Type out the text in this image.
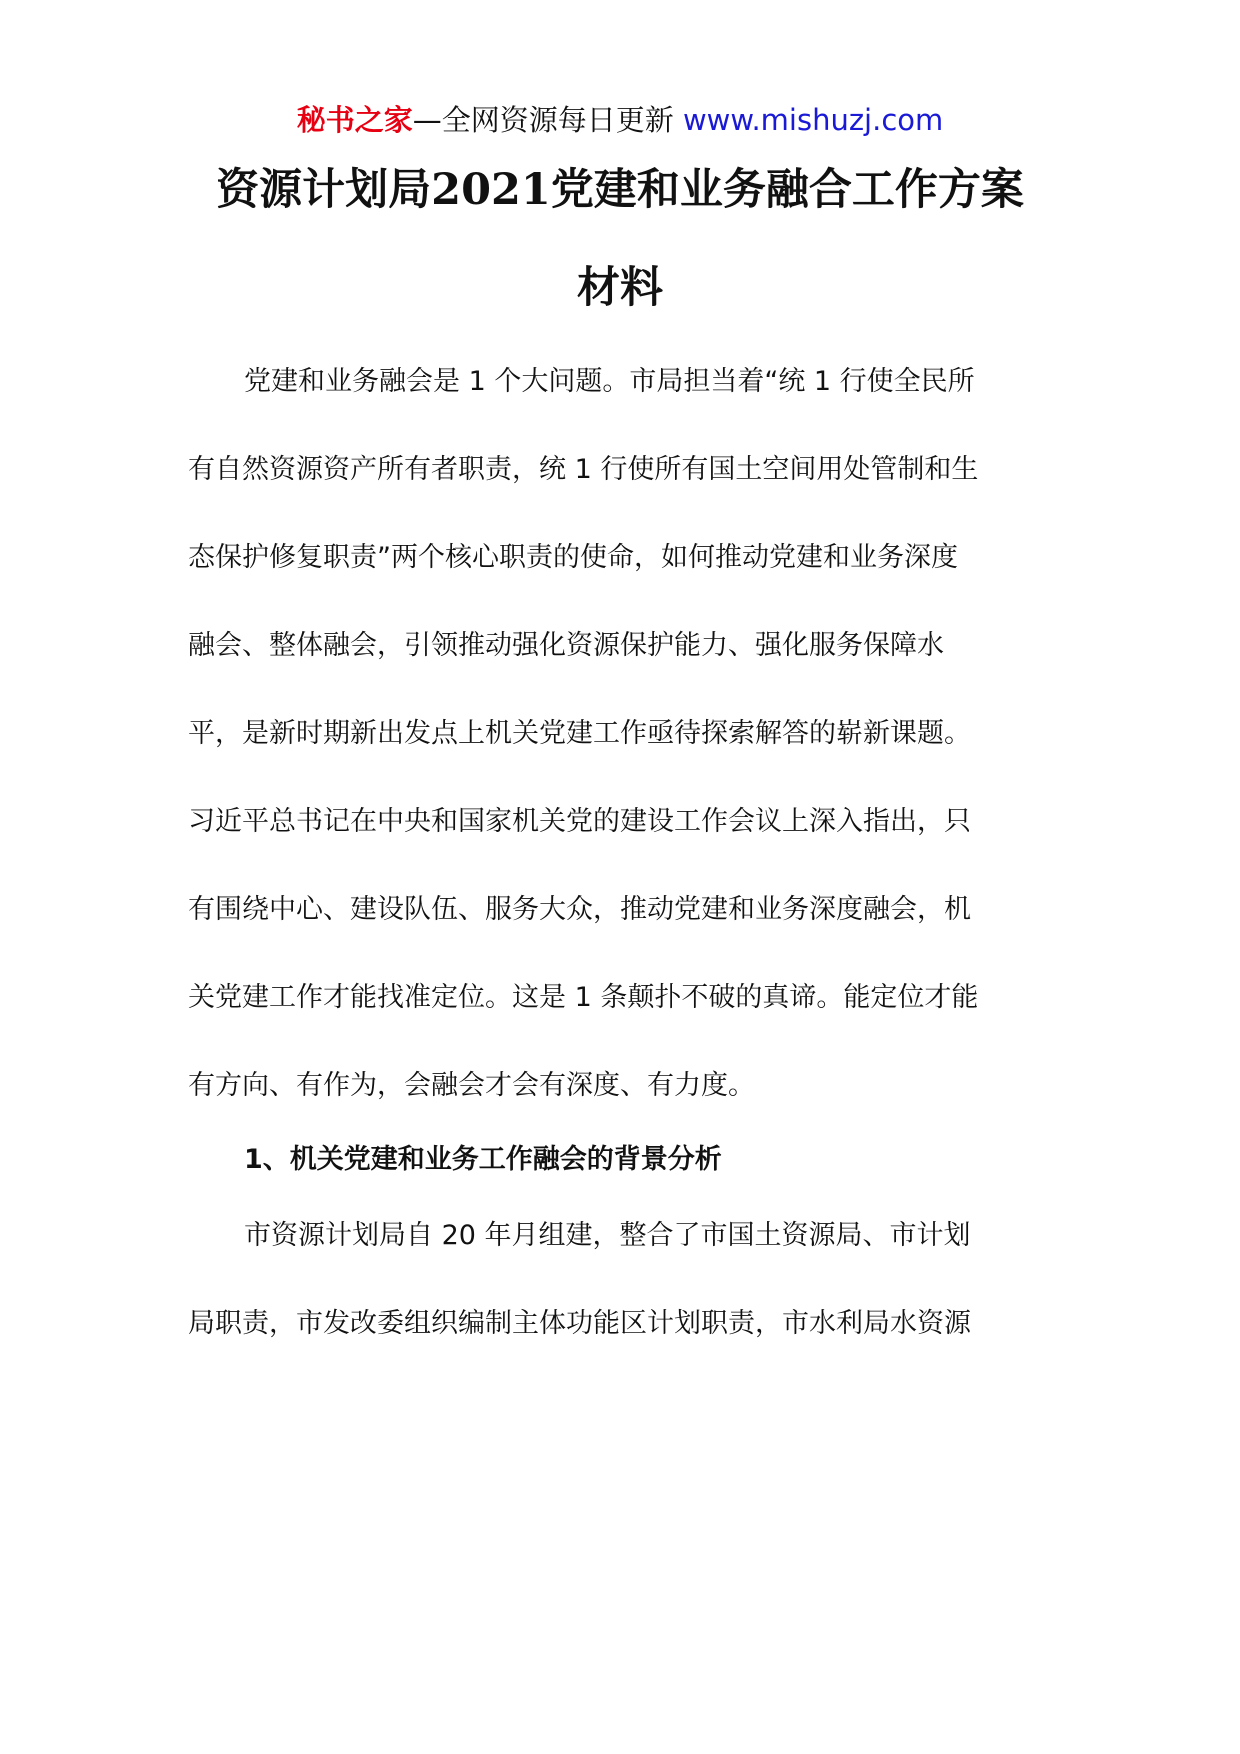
秘书之家—全网资源每日更新 www.mishuzj.com
资源计划局2021党建和业务融合工作方案
材料
党建和业务融会是 1 个大问题。市局担当着“统 1 行使全民所
有自然资源资产所有者职责，统 1 行使所有国土空间用处管制和生
态保护修复职责”两个核心职责的使命，如何推动党建和业务深度
融会、整体融会，引领推动强化资源保护能力、强化服务保障水
平，是新时期新出发点上机关党建工作亟待探索解答的崭新课题。
习近平总书记在中央和国家机关党的建设工作会议上深入指出，只
有围绕中心、建设队伍、服务大众，推动党建和业务深度融会，机
关党建工作才能找准定位。这是 1 条颠扑不破的真谛。能定位才能
有方向、有作为，会融会才会有深度、有力度。
1、机关党建和业务工作融会的背景分析
市资源计划局自 20 年月组建，整合了市国土资源局、市计划
局职责，市发改委组织编制主体功能区计划职责，市水利局水资源
